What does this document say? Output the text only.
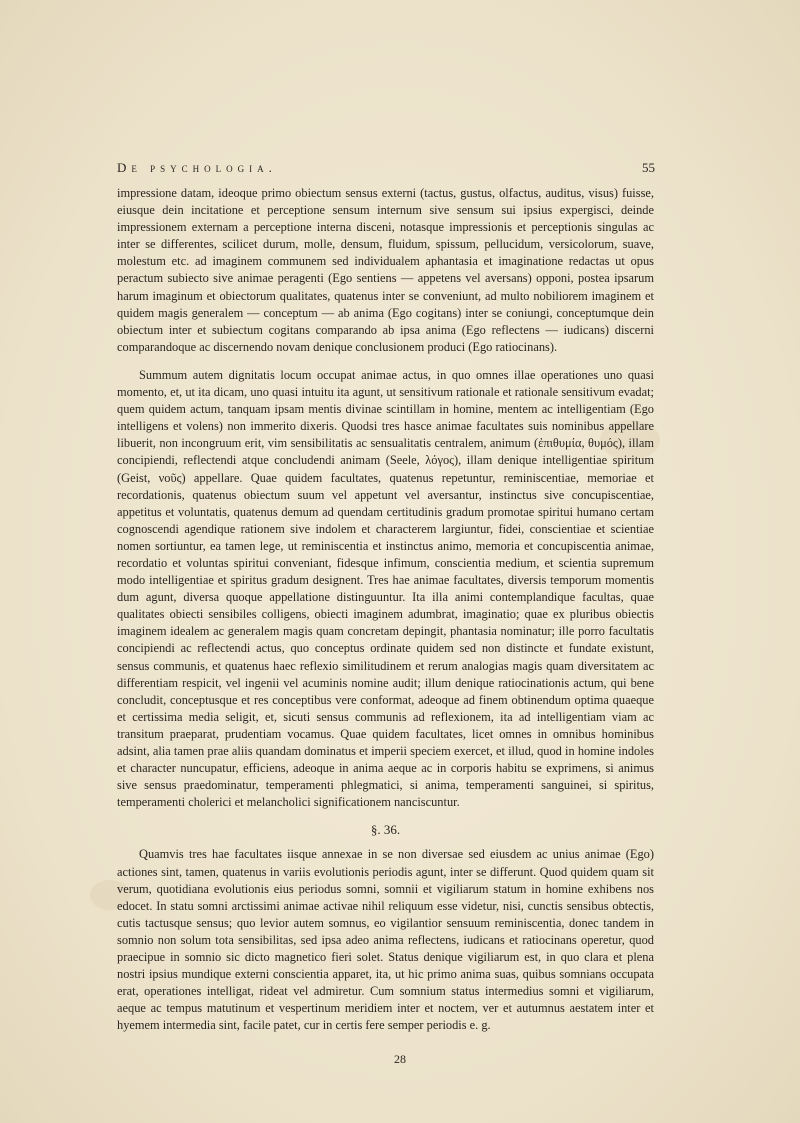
De psychologia.	55

impressione datam, ideoque primo obiectum sensus externi (tactus, gustus, olfactus, auditus, visus) fuisse, eiusque dein incitatione et perceptione sensum internum sive sensum sui ipsius expergisci, deinde impressionem externam a perceptione interna disceni, notasque impressionis et perceptionis singulas ac inter se differentes, scilicet durum, molle, densum, fluidum, spissum, pellucidum, versicolorum, suave, molestum etc. ad imaginem communem sed individualem aphantasia et imaginatione redactas ut opus peractum subiecto sive animae peragenti (Ego sentiens — appetens vel aversans) opponi, postea ipsarum harum imaginum et obiectorum qualitates, quatenus inter se conveniunt, ad multo nobiliorem imaginem et quidem magis generalem — conceptum — ab anima (Ego cogitans) inter se coniungi, conceptumque dein obiectum inter et subiectum cogitans comparando ab ipsa anima (Ego reflectens — iudicans) discerni comparandoque ac discernendo novam denique conclusionem produci (Ego ratiocinans).

Summum autem dignitatis locum occupat animae actus, in quo omnes illae operationes uno quasi momento, et, ut ita dicam, uno quasi intuitu ita agunt, ut sensitivum rationale et rationale sensitivum evadat; quem quidem actum, tanquam ipsam mentis divinae scintillam in homine, mentem ac intelligentiam (Ego intelligens et volens) non immerito dixeris. Quodsi tres hasce animae facultates suis nominibus appellare libuerit, non incongruum erit, vim sensibilitatis ac sensualitatis centralem, animum (ἐπιθυμία, θυμός), illam concipiendi, reflectendi atque concludendi animam (Seele, λόγος), illam denique intelligentiae spiritum (Geist, νοῦς) appellare. Quae quidem facultates, quatenus repetuntur, reminiscentiae, memoriae et recordationis, quatenus obiectum suum vel appetunt vel aversantur, instinctus sive concupiscentiae, appetitus et voluntatis, quatenus demum ad quendam certitudinis gradum promotae spiritui humano certam cognoscendi agendique rationem sive indolem et characterem largiuntur, fidei, conscientiae et scientiae nomen sortiuntur, ea tamen lege, ut reminiscentia et instinctus animo, memoria et concupiscentia animae, recordatio et voluntas spiritui conveniant, fidesque infimum, conscientia medium, et scientia supremum modo intelligentiae et spiritus gradum designent. Tres hae animae facultates, diversis temporum momentis dum agunt, diversa quoque appellatione distinguuntur. Ita illa animi contemplandique facultas, quae qualitates obiecti sensibiles colligens, obiecti imaginem adumbrat, imaginatio; quae ex pluribus obiectis imaginem idealem ac generalem magis quam concretam depingit, phantasia nominatur; ille porro facultatis concipiendi ac reflectendi actus, quo conceptus ordinate quidem sed non distincte et fundate existunt, sensus communis, et quatenus haec reflexio similitudinem et rerum analogias magis quam diversitatem ac differentiam respicit, vel ingenii vel acuminis nomine audit; illum denique ratiocinationis actum, qui bene concludit, conceptusque et res conceptibus vere conformat, adeoque ad finem obtinendum optima quaeque et certissima media seligit, et, sicuti sensus communis ad reflexionem, ita ad intelligentiam viam ac transitum praeparat, prudentiam vocamus. Quae quidem facultates, licet omnes in omnibus hominibus adsint, alia tamen prae aliis quandam dominatus et imperii speciem exercet, et illud, quod in homine indoles et character nuncupatur, efficiens, adeoque in anima aeque ac in corporis habitu se exprimens, si animus sive sensus praedominatur, temperamenti phlegmatici, si anima, temperamenti sanguinei, si spiritus, temperamenti cholerici et melancholici significationem nanciscuntur.

§. 36.

Quamvis tres hae facultates iisque annexae in se non diversae sed eiusdem ac unius animae (Ego) actiones sint, tamen, quatenus in variis evolutionis periodis agunt, inter se differunt. Quod quidem quam sit verum, quotidiana evolutionis eius periodus somni, somnii et vigiliarum statum in homine exhibens nos edocet. In statu somni arctissimi animae activae nihil reliquum esse videtur, nisi, cunctis sensibus obtectis, cutis tactusque sensus; quo levior autem somnus, eo vigilantior sensuum reminiscentia, donec tandem in somnio non solum tota sensibilitas, sed ipsa adeo anima reflectens, iudicans et ratiocinans operetur, quod praecipue in somnio sic dicto magnetico fieri solet. Status denique vigiliarum est, in quo clara et plena nostri ipsius mundique externi conscientia apparet, ita, ut hic primo anima suas, quibus somnians occupata erat, operationes intelligat, rideat vel admiretur. Cum somnium status intermedius somni et vigiliarum, aeque ac tempus matutinum et vespertinum meridiem inter et noctem, ver et autumnus aestatem inter et hyemem intermedia sint, facile patet, cur in certis fere semper periodis e. g.

28
